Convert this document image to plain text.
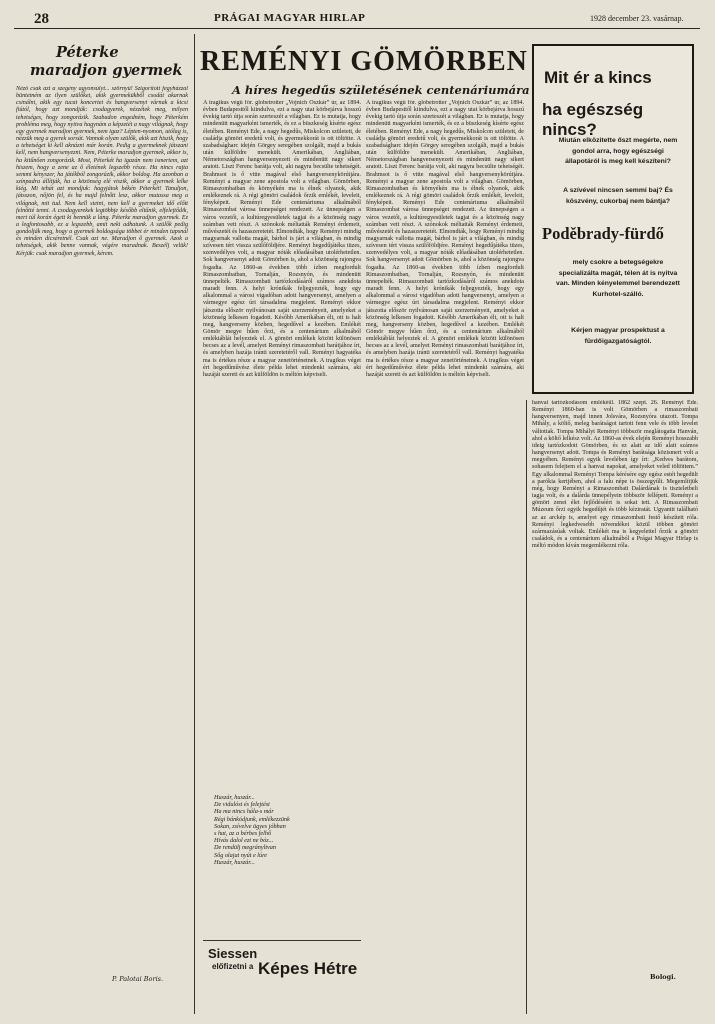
28	PRÁGAI MAGYAR HIRLAP	1928 december 23. vasárnap.
Péterke
maradjon gyermek
Néző csak azt a szegény agyonsúlyt... szörnyű! Szigorított fegyházzal büntetném az ilyen szülőket, akik gyermekükből csodát akarnak csinálni, akik egy tucat koncertet és hangversenyt várnak a kicsi fiútól, hogy azt mondják: csodagyerek, nézzétek meg, milyen tehetséges, hogy zongorázik. Szabadon engedném, hogy Péterkém probléma meg, hogy nyitva hagynám a képzetét a nagy világnak, hogy egy gyermek maradjon gyermek, nem igaz? Lépten-nyomon, utólag is, nézzük meg a gyerek sorsát. Vannak olyan szülők, akik azt hiszik, hogy a tehetséget ki kell aknázni már korán. Pedig a gyermeknek játszani kell, nem hangversenyezni. Nem, Péterke maradjon gyermek, akkor is, ha kitűnően zongorázik. Most, Péterkét ha igazán nem ismertem, azt hiszem, hogy a zene az ő életének legszebb része. Ha nincs rajta semmi kényszer, ha játékból zongorázik, akkor boldog. Ha azonban a színpadra állítják, ha a közönség elé viszik, akkor a gyermek lelke kiég. Mi tehát azt mondjuk: hagyjátok békén Péterkét! Tanuljon, játsszon, nőjön fel, és ha majd felnőtt lesz, akkor mutassa meg a világnak, mit tud. Nem kell sietni, nem kell a gyermeket idő előtt felnőtté tenni. A csodagyerekek legtöbbje később eltűnik, elfelejtődik, mert túl korán égett ki bennük a láng. Péterke maradjon gyermek. Ez a legfontosabb, ez a legszebb, amit neki adhatunk. A szülők pedig gondolják meg, hogy a gyermek boldogsága többet ér minden tapsnál és minden dicséretnél. Csak azt ne. Maradjon ő gyermek. Azok a tehetségek, akik benne vannak, végére maradnak. Beszélj velük! Kérjük: csak maradjon gyermek, kérem.
P. Palotai Boris.
REMÉNYI GÖMÖRBEN
A híres hegedűs születésének centenáriumára
A tragikus végű főr. globetrotter „Vojnich Oszkár” úr, az 1894. évben Budapesttől kiindulva, ezt a nagy utat körbejárva hosszú évekig tartó útja során szerteszét a világban. Ez is mutatja, hogy mindenütt magyarként ismerték, és ez a büszkeség kísérte egész életében. Reményi Ede, a nagy hegedűs, Miskolcon született, de családja gömöri eredetű volt, és gyermekkorát is ott töltötte. A szabadságharc idején Görgey seregében szolgált, majd a bukás után külföldre menekült. Amerikában, Angliában, Németországban hangversenyezett és mindenütt nagy sikert aratott. Liszt Ferenc barátja volt, aki nagyra becsülte tehetségét. Brahmsot is ő vitte magával első hangversenykörútjára. Reményi a magyar zene apostola volt a világban. Gömörben, Rimaszombatban és környékén ma is élnek olyanok, akik emlékeznek rá. A régi gömöri családok őrzik emlékét, leveleit, fényképeit. Reményi Ede centenáriuma alkalmából Rimaszombat városa ünnepséget rendezett. Az ünnepségen a város vezetői, a kultúregyesületek tagjai és a közönség nagy számban vett részt. A szónokok méltatták Reményi érdemeit, művészetét és hazaszeretetét. Elmondták, hogy Reményi mindig magyarnak vallotta magát, bárhol is járt a világban, és mindig szívesen tért vissza szülőföldjére. Reményi hegedűjátéka tüzes, szenvedélyes volt, a magyar nóták előadásában utolérhetetlen. Sok hangversenyt adott Gömörben is, ahol a közönség rajongva fogadta. Az 1860-as években több ízben megfordult Rimaszombatban, Tornalján, Rozsnyón, és mindenütt ünnepelték. Rimaszombati tartózkodásáról számos anekdota maradt fenn. A helyi krónikák feljegyezték, hogy egy alkalommal a városi vigadóban adott hangversenyt, amelyen a vármegye egész úri társadalma megjelent. Reményi ekkor játszotta először nyilvánosan saját szerzeményeit, amelyeket a közönség lelkesen fogadott. Később Amerikában élt, ott is halt meg, hangverseny közben, hegedűvel a kezében. Emlékét Gömör megye hűen őrzi, és a centenárium alkalmából emléktáblát helyeztek el. A gömöri emlékek között különösen becses az a levél, amelyet Reményi rimaszombati barátjához írt, és amelyben hazája iránti szeretetéről vall. Reményi hagyatéka ma is értékes része a magyar zenetörténetnek. A tragikus véget ért hegedűművész élete példa lehet mindenki számára, aki hazáját szereti és azt külföldön is méltón képviseli.
A tragikus végű főr. globetrotter „Vojnich Oszkár” úr, az 1894. évben Budapesttől kiindulva, ezt a nagy utat körbejárva hosszú évekig tartó útja során szerteszét a világban. Ez is mutatja, hogy mindenütt magyarként ismerték, és ez a büszkeség kísérte egész életében. Reményi Ede, a nagy hegedűs, Miskolcon született, de családja gömöri eredetű volt, és gyermekkorát is ott töltötte. A szabadságharc idején Görgey seregében szolgált, majd a bukás után külföldre menekült. Amerikában, Angliában, Németországban hangversenyezett és mindenütt nagy sikert aratott. Liszt Ferenc barátja volt, aki nagyra becsülte tehetségét. Brahmsot is ő vitte magával első hangversenykörútjára. Reményi a magyar zene apostola volt a világban. Gömörben, Rimaszombatban és környékén ma is élnek olyanok, akik emlékeznek rá. A régi gömöri családok őrzik emlékét, leveleit, fényképeit. Reményi Ede centenáriuma alkalmából Rimaszombat városa ünnepséget rendezett. Az ünnepségen a város vezetői, a kultúregyesületek tagjai és a közönség nagy számban vett részt. A szónokok méltatták Reményi érdemeit, művészetét és hazaszeretetét. Elmondták, hogy Reményi mindig magyarnak vallotta magát, bárhol is járt a világban, és mindig szívesen tért vissza szülőföldjére. Reményi hegedűjátéka tüzes, szenvedélyes volt, a magyar nóták előadásában utolérhetetlen. Sok hangversenyt adott Gömörben is, ahol a közönség rajongva fogadta. Az 1860-as években több ízben megfordult Rimaszombatban, Tornalján, Rozsnyón, és mindenütt ünnepelték. Rimaszombati tartózkodásáról számos anekdota maradt fenn. A helyi krónikák feljegyezték, hogy egy alkalommal a városi vigadóban adott hangversenyt, amelyen a vármegye egész úri társadalma megjelent. Reményi ekkor játszotta először nyilvánosan saját szerzeményeit, amelyeket a közönség lelkesen fogadott. Később Amerikában élt, ott is halt meg, hangverseny közben, hegedűvel a kezében. Emlékét Gömör megye hűen őrzi, és a centenárium alkalmából emléktáblát helyeztek el. A gömöri emlékek között különösen becses az a levél, amelyet Reményi rimaszombati barátjához írt, és amelyben hazája iránti szeretetéről vall. Reményi hagyatéka ma is értékes része a magyar zenetörténetnek. A tragikus véget ért hegedűművész élete példa lehet mindenki számára, aki hazáját szereti és azt külföldön is méltón képviseli.
Huszár, huszár...
De vidulóst és felejtést
Ha ma nincs hála-s már
Régi bánkódjunk, emlékezzünk
Sokan, zsívelve ügyes jóbban
s hat, az a bérbes felhő
Hívás dalol ezt ne bóz...
De rendülj megrányltvan
Sőg olajat nyút e lúre
Huszár, huszár...
Siessen
előfizetni a Képes Hétre
Mit ér a kincs
ha egészség nincs?
Miután elközitette őszt megérte, nem gondol arra, hogy egészségi állapotáról is meg kell készíteni?
A szívével nincsen semmi baj? És köszvény, cukorbaj nem bántja?
Poděbrady-fürdő
mely csokre a betegségekre specializálta magát, télen át is nyitva van. Minden kényelemmel berendezett Kurhotel-szálló.
Kérjen magyar prospektust a fürdőigazgatóságtól.
hanvai tartózkodásom emlékéül. 1862 szept. 26. Reményi Ede. Reményi 1860-ban is volt Gömörben a rimaszombati hangversenyen, majd innen Jolsvára, Rozsnyóra utazott. Tompa Mihály, a költő, meleg barátságot tartott fenn vele és több levelet váltottak. Tompa Mihályt Reményi többször meglátogatta Hanván, ahol a költő lelkész volt. Az 1860-as évek elején Reményi hosszabb ideig tartózkodott Gömörben, és ez alatt az idő alatt számos hangversenyt adott. Tompa és Reményi barátsága közismert volt a megyében. Reményi egyik levelében így írt: „Kedves barátom, sohasem felejtem el a hanvai napokat, amelyeket veled töltöttem.” Egy alkalommal Reményi Tompa kérésére egy egész estét hegedült a parókia kertjében, ahol a falu népe is összegyűlt. Megemlítjük még, hogy Reményi a Rimaszombati Dalárdának is tiszteletbeli tagja volt, és a dalárda ünnepélyein többször fellépett. Reményi a gömöri zenei élet fejlődéséért is sokat tett. A Rimaszombati Múzeum őrzi egyik hegedűjét és több kéziratát. Ugyanitt található az az arckép is, amelyet egy rimaszombati festő készített róla. Reményi legkedvesebb növendékei közül többen gömöri származásúak voltak. Emlékét ma is kegyelettel őrzik a gömöri családok, és a centenárium alkalmából a Prágai Magyar Hirlap is méltó módon kíván megemlékezni róla.
Bologi.
